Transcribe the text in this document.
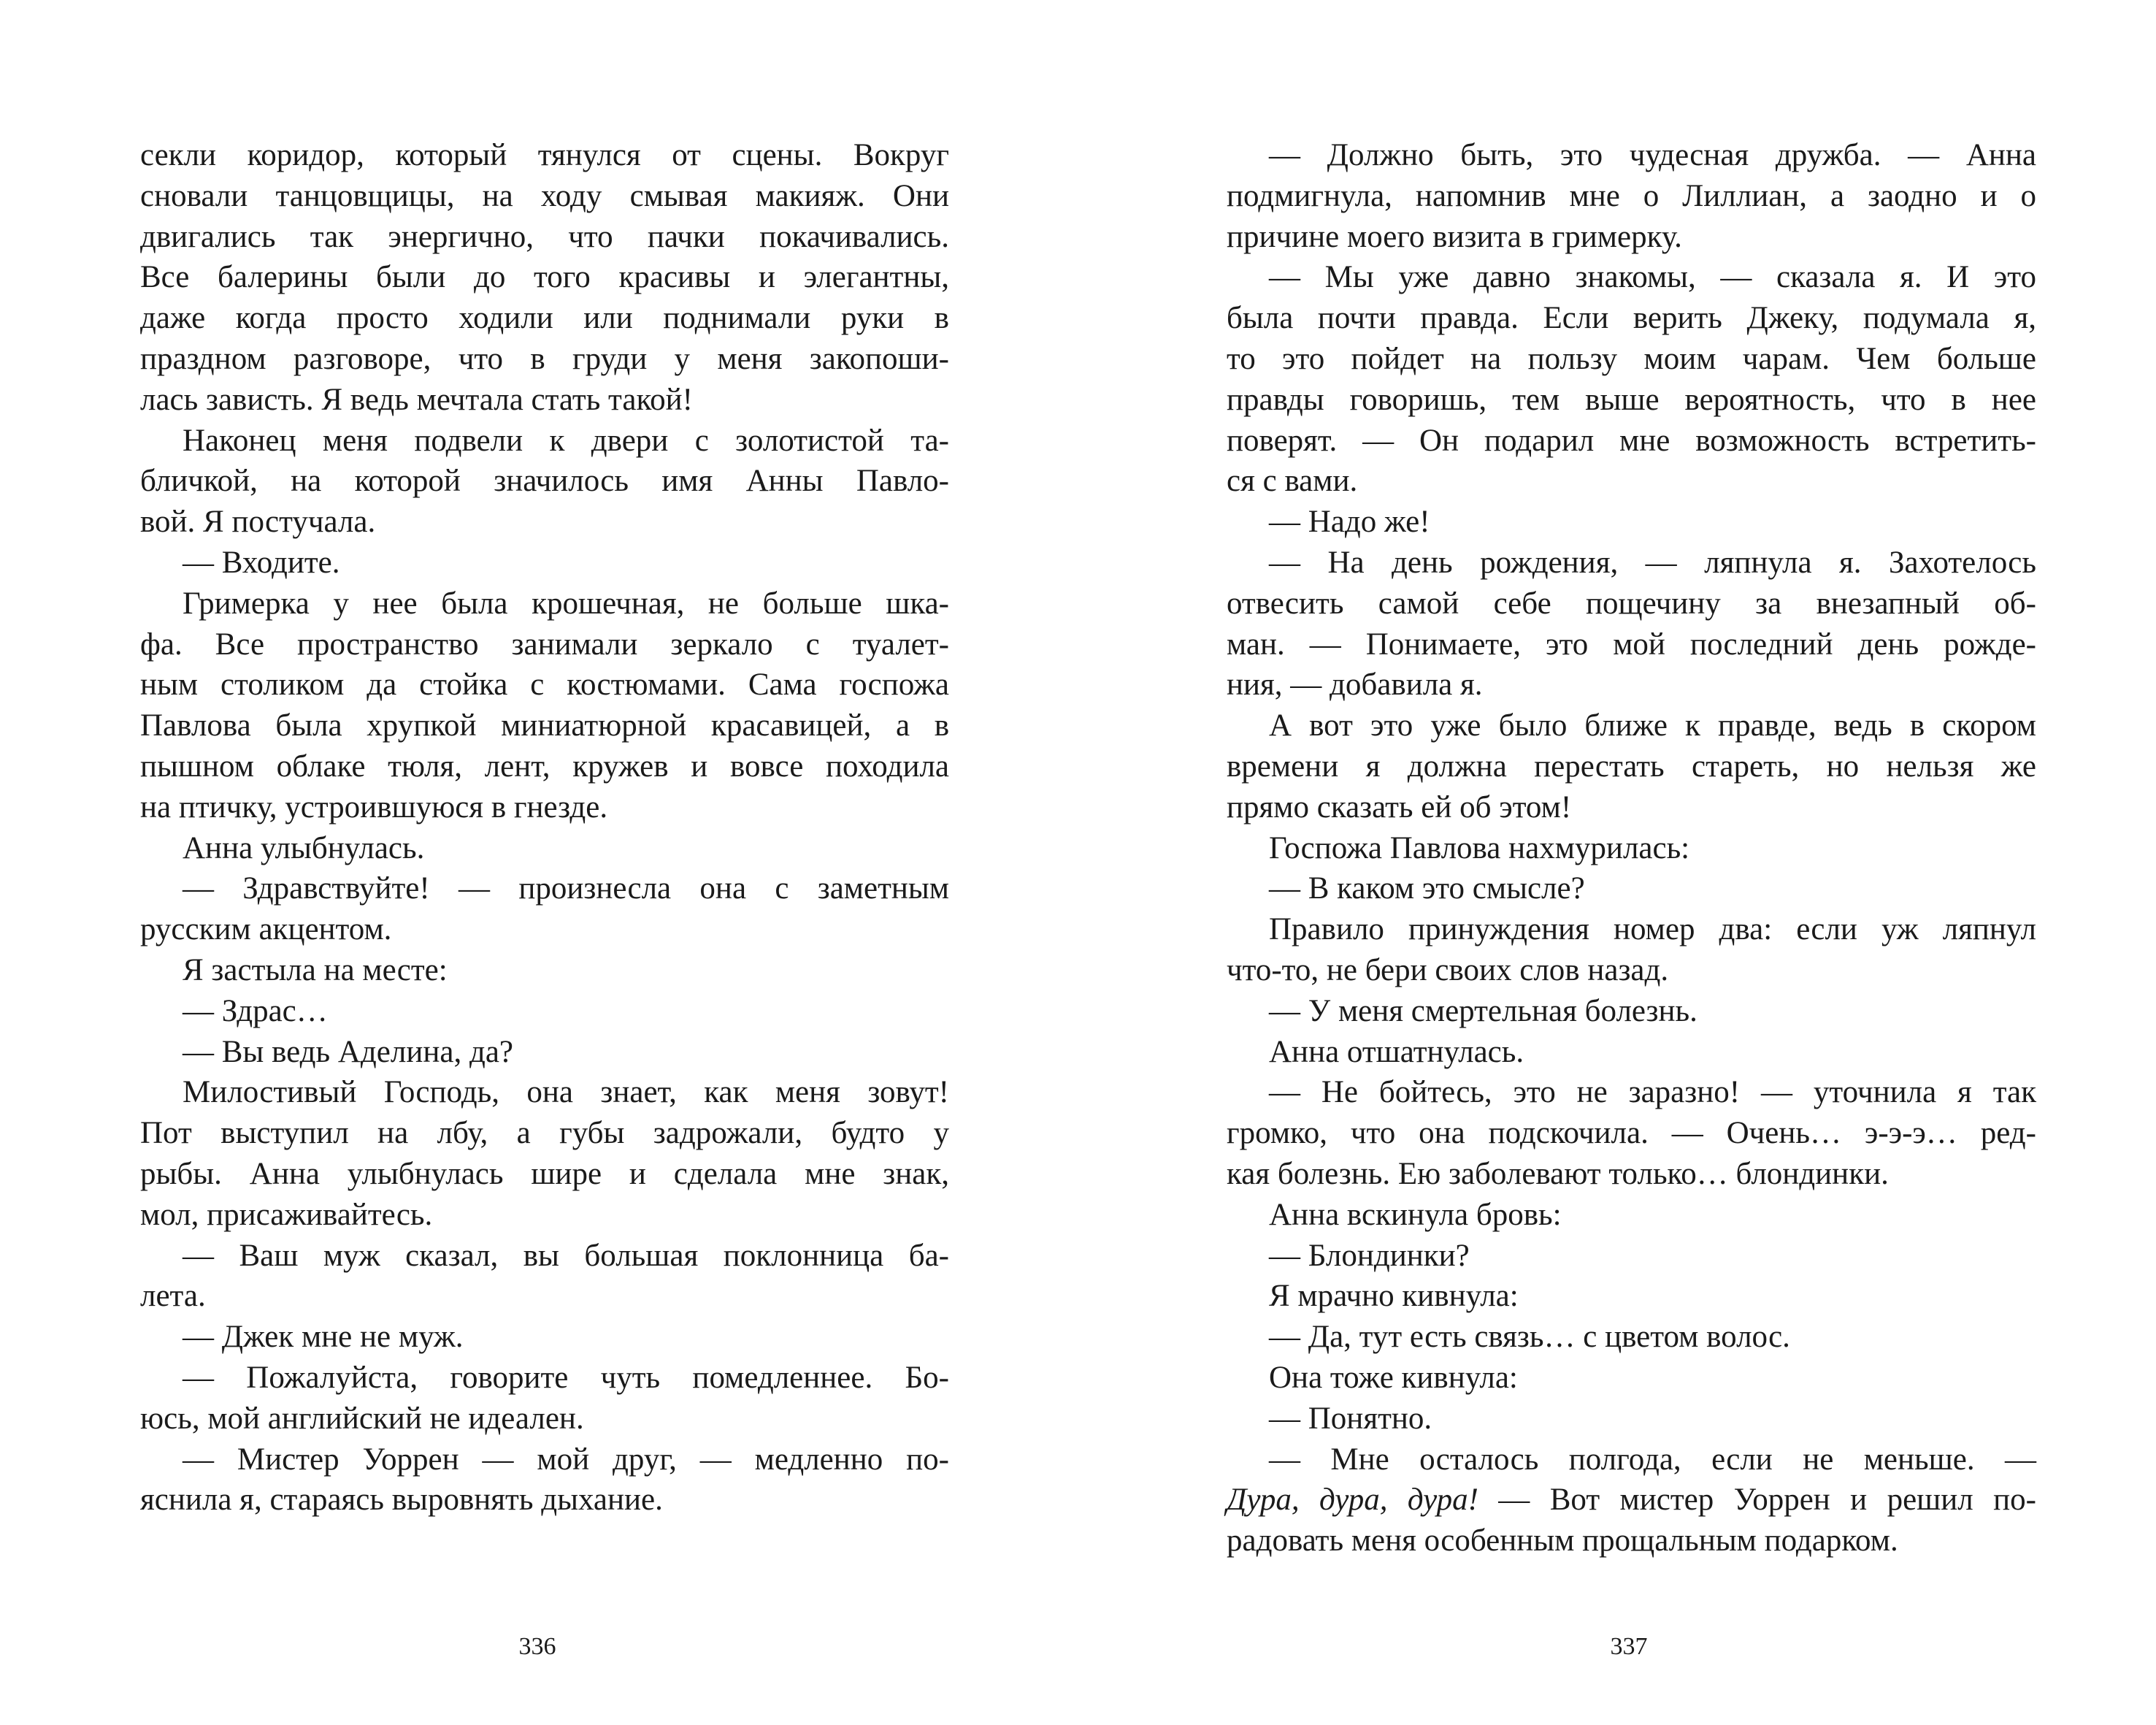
секли коридор, который тянулся от сцены. Вокруг
сновали танцовщицы, на ходу смывая макияж. Они
двигались так энергично, что пачки покачивались.
Все балерины были до того красивы и элегантны,
даже когда просто ходили или поднимали руки в
праздном разговоре, что в груди у меня закопоши-
лась зависть. Я ведь мечтала стать такой!
Наконец меня подвели к двери с золотистой та-
бличкой, на которой значилось имя Анны Павло-
вой. Я постучала.
— Входите.
Гримерка у нее была крошечная, не больше шка-
фа. Все пространство занимали зеркало с туалет-
ным столиком да стойка с костюмами. Сама госпожа
Павлова была хрупкой миниатюрной красавицей, а в
пышном облаке тюля, лент, кружев и вовсе походила
на птичку, устроившуюся в гнезде.
Анна улыбнулась.
— Здравствуйте! — произнесла она с заметным
русским акцентом.
Я застыла на месте:
— Здрас…
— Вы ведь Аделина, да?
Милостивый Господь, она знает, как меня зовут!
Пот выступил на лбу, а губы задрожали, будто у
рыбы. Анна улыбнулась шире и сделала мне знак,
мол, присаживайтесь.
— Ваш муж сказал, вы большая поклонница ба-
лета.
— Джек мне не муж.
— Пожалуйста, говорите чуть помедленнее. Бо-
юсь, мой английский не идеален.
— Мистер Уоррен — мой друг, — медленно по-
яснила я, стараясь выровнять дыхание.
336
— Должно быть, это чудесная дружба. — Анна
подмигнула, напомнив мне о Лиллиан, а заодно и о
причине моего визита в гримерку.
— Мы уже давно знакомы, — сказала я. И это
была почти правда. Если верить Джеку, подумала я,
то это пойдет на пользу моим чарам. Чем больше
правды говоришь, тем выше вероятность, что в нее
поверят. — Он подарил мне возможность встретить-
ся с вами.
— Надо же!
— На день рождения, — ляпнула я. Захотелось
отвесить самой себе пощечину за внезапный об-
ман. — Понимаете, это мой последний день рожде-
ния, — добавила я.
А вот это уже было ближе к правде, ведь в скором
времени я должна перестать стареть, но нельзя же
прямо сказать ей об этом!
Госпожа Павлова нахмурилась:
— В каком это смысле?
Правило принуждения номер два: если уж ляпнул
что-то, не бери своих слов назад.
— У меня смертельная болезнь.
Анна отшатнулась.
— Не бойтесь, это не заразно! — уточнила я так
громко, что она подскочила. — Очень… э-э-э… ред-
кая болезнь. Ею заболевают только… блондинки.
Анна вскинула бровь:
— Блондинки?
Я мрачно кивнула:
— Да, тут есть связь… с цветом волос.
Она тоже кивнула:
— Понятно.
— Мне осталось полгода, если не меньше. —
Дура, дура, дура! — Вот мистер Уоррен и решил по-
радовать меня особенным прощальным подарком.
337
